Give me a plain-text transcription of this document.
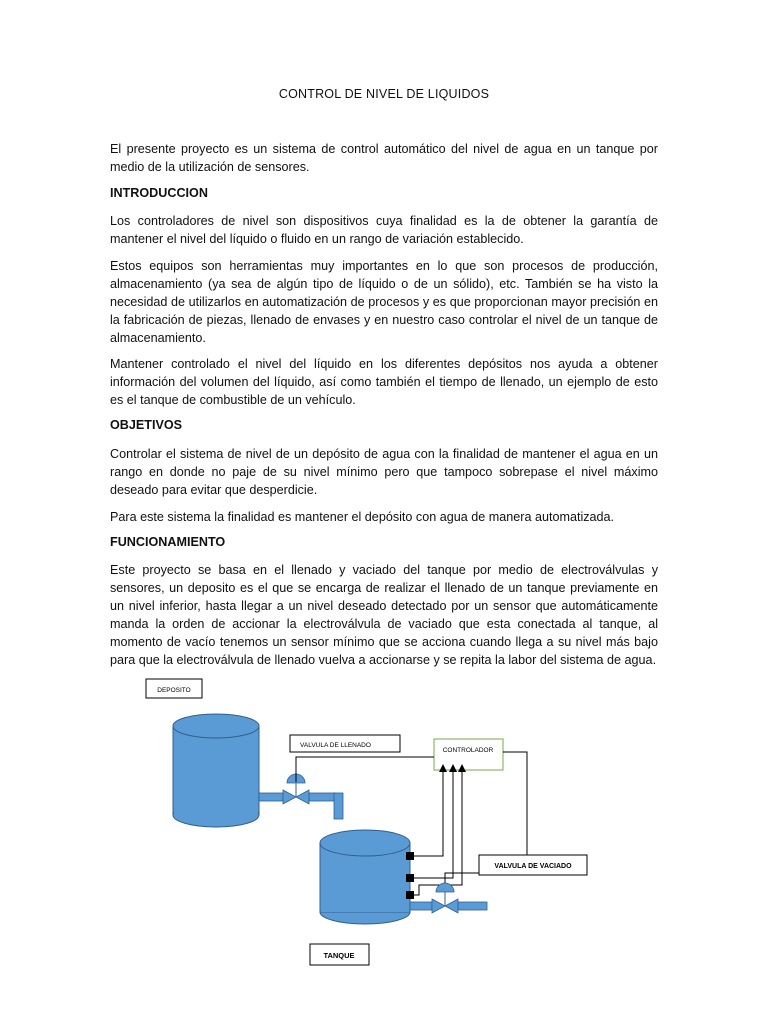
CONTROL DE NIVEL DE LIQUIDOS
El presente proyecto es un sistema de control automático del nivel de agua en un tanque por medio de la utilización de sensores.
INTRODUCCION
Los controladores de nivel son dispositivos cuya finalidad es la de obtener la garantía de mantener el nivel del líquido o fluido en un rango de variación establecido.
Estos equipos son herramientas muy importantes en lo que son procesos de producción, almacenamiento (ya sea de algún tipo de líquido o de un sólido), etc. También se ha visto la necesidad de utilizarlos en automatización de procesos y es que proporcionan mayor precisión en la fabricación de piezas, llenado de envases y en nuestro caso controlar el nivel de un tanque de almacenamiento.
Mantener controlado el nivel del líquido en los diferentes depósitos nos ayuda a obtener información del volumen del líquido, así como también el tiempo de llenado, un ejemplo de esto es el tanque de combustible de un vehículo.
OBJETIVOS
Controlar el sistema de nivel de un depósito de agua con la finalidad de mantener el agua en un rango en donde no paje de su nivel mínimo pero que tampoco sobrepase el nivel máximo deseado para evitar que desperdicie.
Para este sistema la finalidad es mantener el depósito con agua de manera automatizada.
FUNCIONAMIENTO
Este proyecto se basa en el llenado y vaciado del tanque por medio de electroválvulas y sensores, un deposito es el que se encarga de realizar el llenado de un tanque previamente en un nivel inferior, hasta llegar a un nivel deseado detectado por un sensor que automáticamente manda la orden de accionar la electroválvula de vaciado que esta conectada al tanque, al momento de vacío tenemos un sensor mínimo que se acciona cuando llega a su nivel más bajo para que la electroválvula de llenado vuelva a accionarse y se repita la labor del sistema de agua.
DEPOSITO
VALVULA DE LLENADO
CONTROLADOR
VALVULA DE VACIADO
TANQUE
